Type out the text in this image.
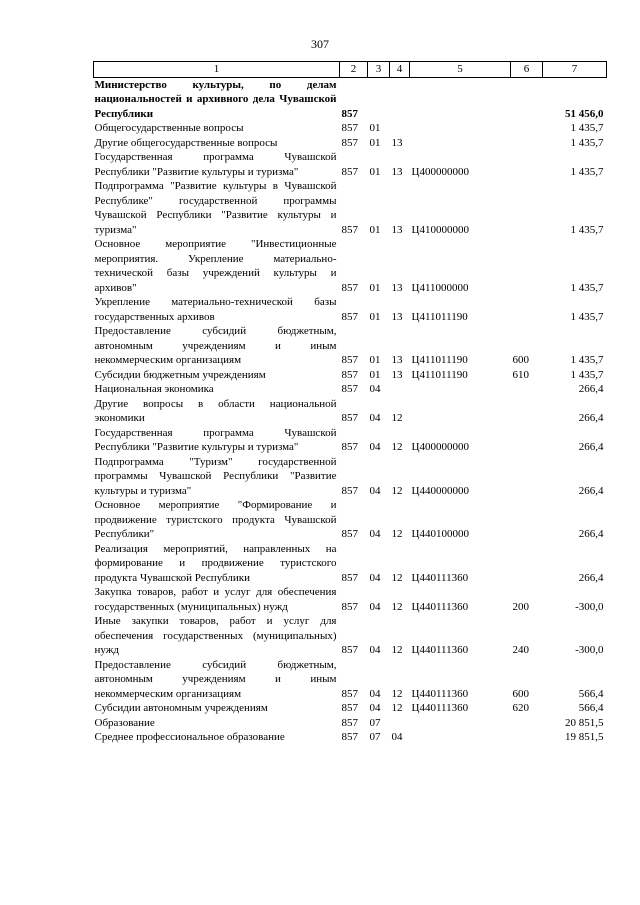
307
1	2	3	4	5	6	7
Министерство культуры, по делам национальностей и архивного дела Чувашской Республики	857					51 456,0
Общегосударственные вопросы	857	01				1 435,7
Другие общегосударственные вопросы	857	01	13			1 435,7
Государственная программа Чувашской Республики "Развитие культуры и туризма"	857	01	13	Ц400000000		1 435,7
Подпрограмма "Развитие культуры в Чувашской Республике" государственной программы Чувашской Республики "Развитие культуры и туризма"	857	01	13	Ц410000000		1 435,7
Основное мероприятие "Инвестиционные мероприятия. Укрепление материально-технической базы учреждений культуры и архивов"	857	01	13	Ц411000000		1 435,7
Укрепление материально-технической базы государственных архивов	857	01	13	Ц411011190		1 435,7
Предоставление субсидий бюджетным, автономным учреждениям и иным некоммерческим организациям	857	01	13	Ц411011190	600	1 435,7
Субсидии бюджетным учреждениям	857	01	13	Ц411011190	610	1 435,7
Национальная экономика	857	04				266,4
Другие вопросы в области национальной экономики	857	04	12			266,4
Государственная программа Чувашской Республики "Развитие культуры и туризма"	857	04	12	Ц400000000		266,4
Подпрограмма "Туризм" государственной программы Чувашской Республики "Развитие культуры и туризма"	857	04	12	Ц440000000		266,4
Основное мероприятие "Формирование и продвижение туристского продукта Чувашской Республики"	857	04	12	Ц440100000		266,4
Реализация мероприятий, направленных на формирование и продвижение туристского продукта Чувашской Республики	857	04	12	Ц440111360		266,4
Закупка товаров, работ и услуг для обеспечения государственных (муниципальных) нужд	857	04	12	Ц440111360	200	-300,0
Иные закупки товаров, работ и услуг для обеспечения государственных (муниципальных) нужд	857	04	12	Ц440111360	240	-300,0
Предоставление субсидий бюджетным, автономным учреждениям и иным некоммерческим организациям	857	04	12	Ц440111360	600	566,4
Субсидии автономным учреждениям	857	04	12	Ц440111360	620	566,4
Образование	857	07				20 851,5
Среднее профессиональное образование	857	07	04			19 851,5
